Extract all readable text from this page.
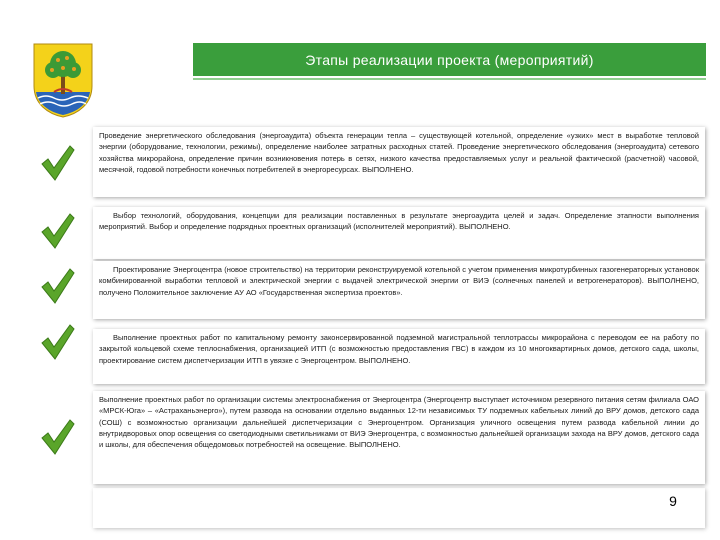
Этапы реализации проекта (мероприятий)
Проведение энергетического обследования (энергоаудита) объекта генерации тепла – существующей котельной, определение «узких» мест в выработке тепловой энергии (оборудование, технологии, режимы), определение наиболее затратных расходных статей. Проведение энергетического обследования (энергоаудита) сетевого хозяйства микрорайона, определение причин возникновения потерь в сетях, низкого качества предоставляемых услуг и реальной фактической (расчетной) часовой, месячной, годовой потребности конечных потребителей в энергоресурсах. ВЫПОЛНЕНО.
Выбор технологий, оборудования, концепции для реализации поставленных в результате энергоаудита целей и задач. Определение этапности выполнения мероприятий. Выбор и определение подрядных проектных организаций (исполнителей мероприятий). ВЫПОЛНЕНО.
Проектирование Энергоцентра (новое строительство) на территории реконструируемой котельной с учетом применения микротурбинных газогенераторных установок комбинированной выработки тепловой и электрической энергии с выдачей электрической энергии от ВИЭ (солнечных панелей и ветрогенераторов). ВЫПОЛНЕНО, получено Положительное заключение АУ АО «Государственная экспертиза проектов».
Выполнение проектных работ по капитальному ремонту законсервированной подземной магистральной теплотрассы микрорайона с переводом ее на работу по закрытой кольцевой схеме теплоснабжения, организацией ИТП (с возможностью предоставления ГВС) в каждом из 10 многоквартирных домов, детского сада, школы, проектирование систем диспетчеризации ИТП в увязке с Энергоцентром. ВЫПОЛНЕНО.
Выполнение проектных работ по организации системы электроснабжения от Энергоцентра (Энергоцентр выступает источником резервного питания сетям филиала ОАО «МРСК-Юга» – «Астраханьэнерго»), путем развода на основании отдельно выданных 12-ти независимых ТУ подземных кабельных линий до ВРУ домов, детского сада (СОШ) с возможностью организации дальнейшей диспетчеризации с Энергоцентром. Организация уличного освещения путем развода кабельной линии до внутридворовых опор освещения со светодиодными светильниками от ВИЭ Энергоцентра, с возможностью дальнейшей организации захода на ВРУ домов, детского сада и школы, для обеспечения общедомовых потребностей на освещение. ВЫПОЛНЕНО.
9
